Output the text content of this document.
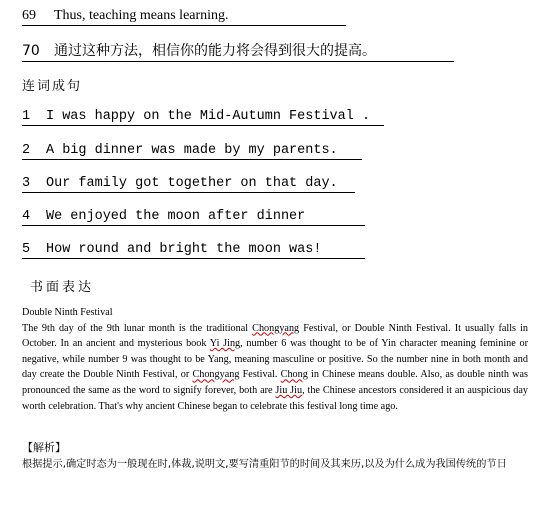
69 Thus, teaching means learning.
70 通过这种方法，相信你的能力将会得到很大的提高。
连词成句
1 I was happy on the Mid-Autumn Festival .
2 A big dinner was made by my parents.
3 Our family got together on that day.
4 We enjoyed the moon after dinner
5 How round and bright the moon was!
书面表达
Double Ninth Festival
The 9th day of the 9th lunar month is the traditional Chongyang Festival, or Double Ninth Festival. It usually falls in October. In an ancient and mysterious book Yi Jing, number 6 was thought to be of Yin character meaning feminine or negative, while number 9 was thought to be Yang, meaning masculine or positive. So the number nine in both month and day create the Double Ninth Festival, or Chongyang Festival. Chong in Chinese means double. Also, as double ninth was pronounced the same as the word to signify forever, both are Jiu Jiu, the Chinese ancestors considered it an auspicious day worth celebration. That's why ancient Chinese began to celebrate this festival long time ago.
【解析】
根据提示,确定时态为一般现在时,体裁,说明文,要写清重阳节的时间及其来历,以及为什么成为我国传统的节日
